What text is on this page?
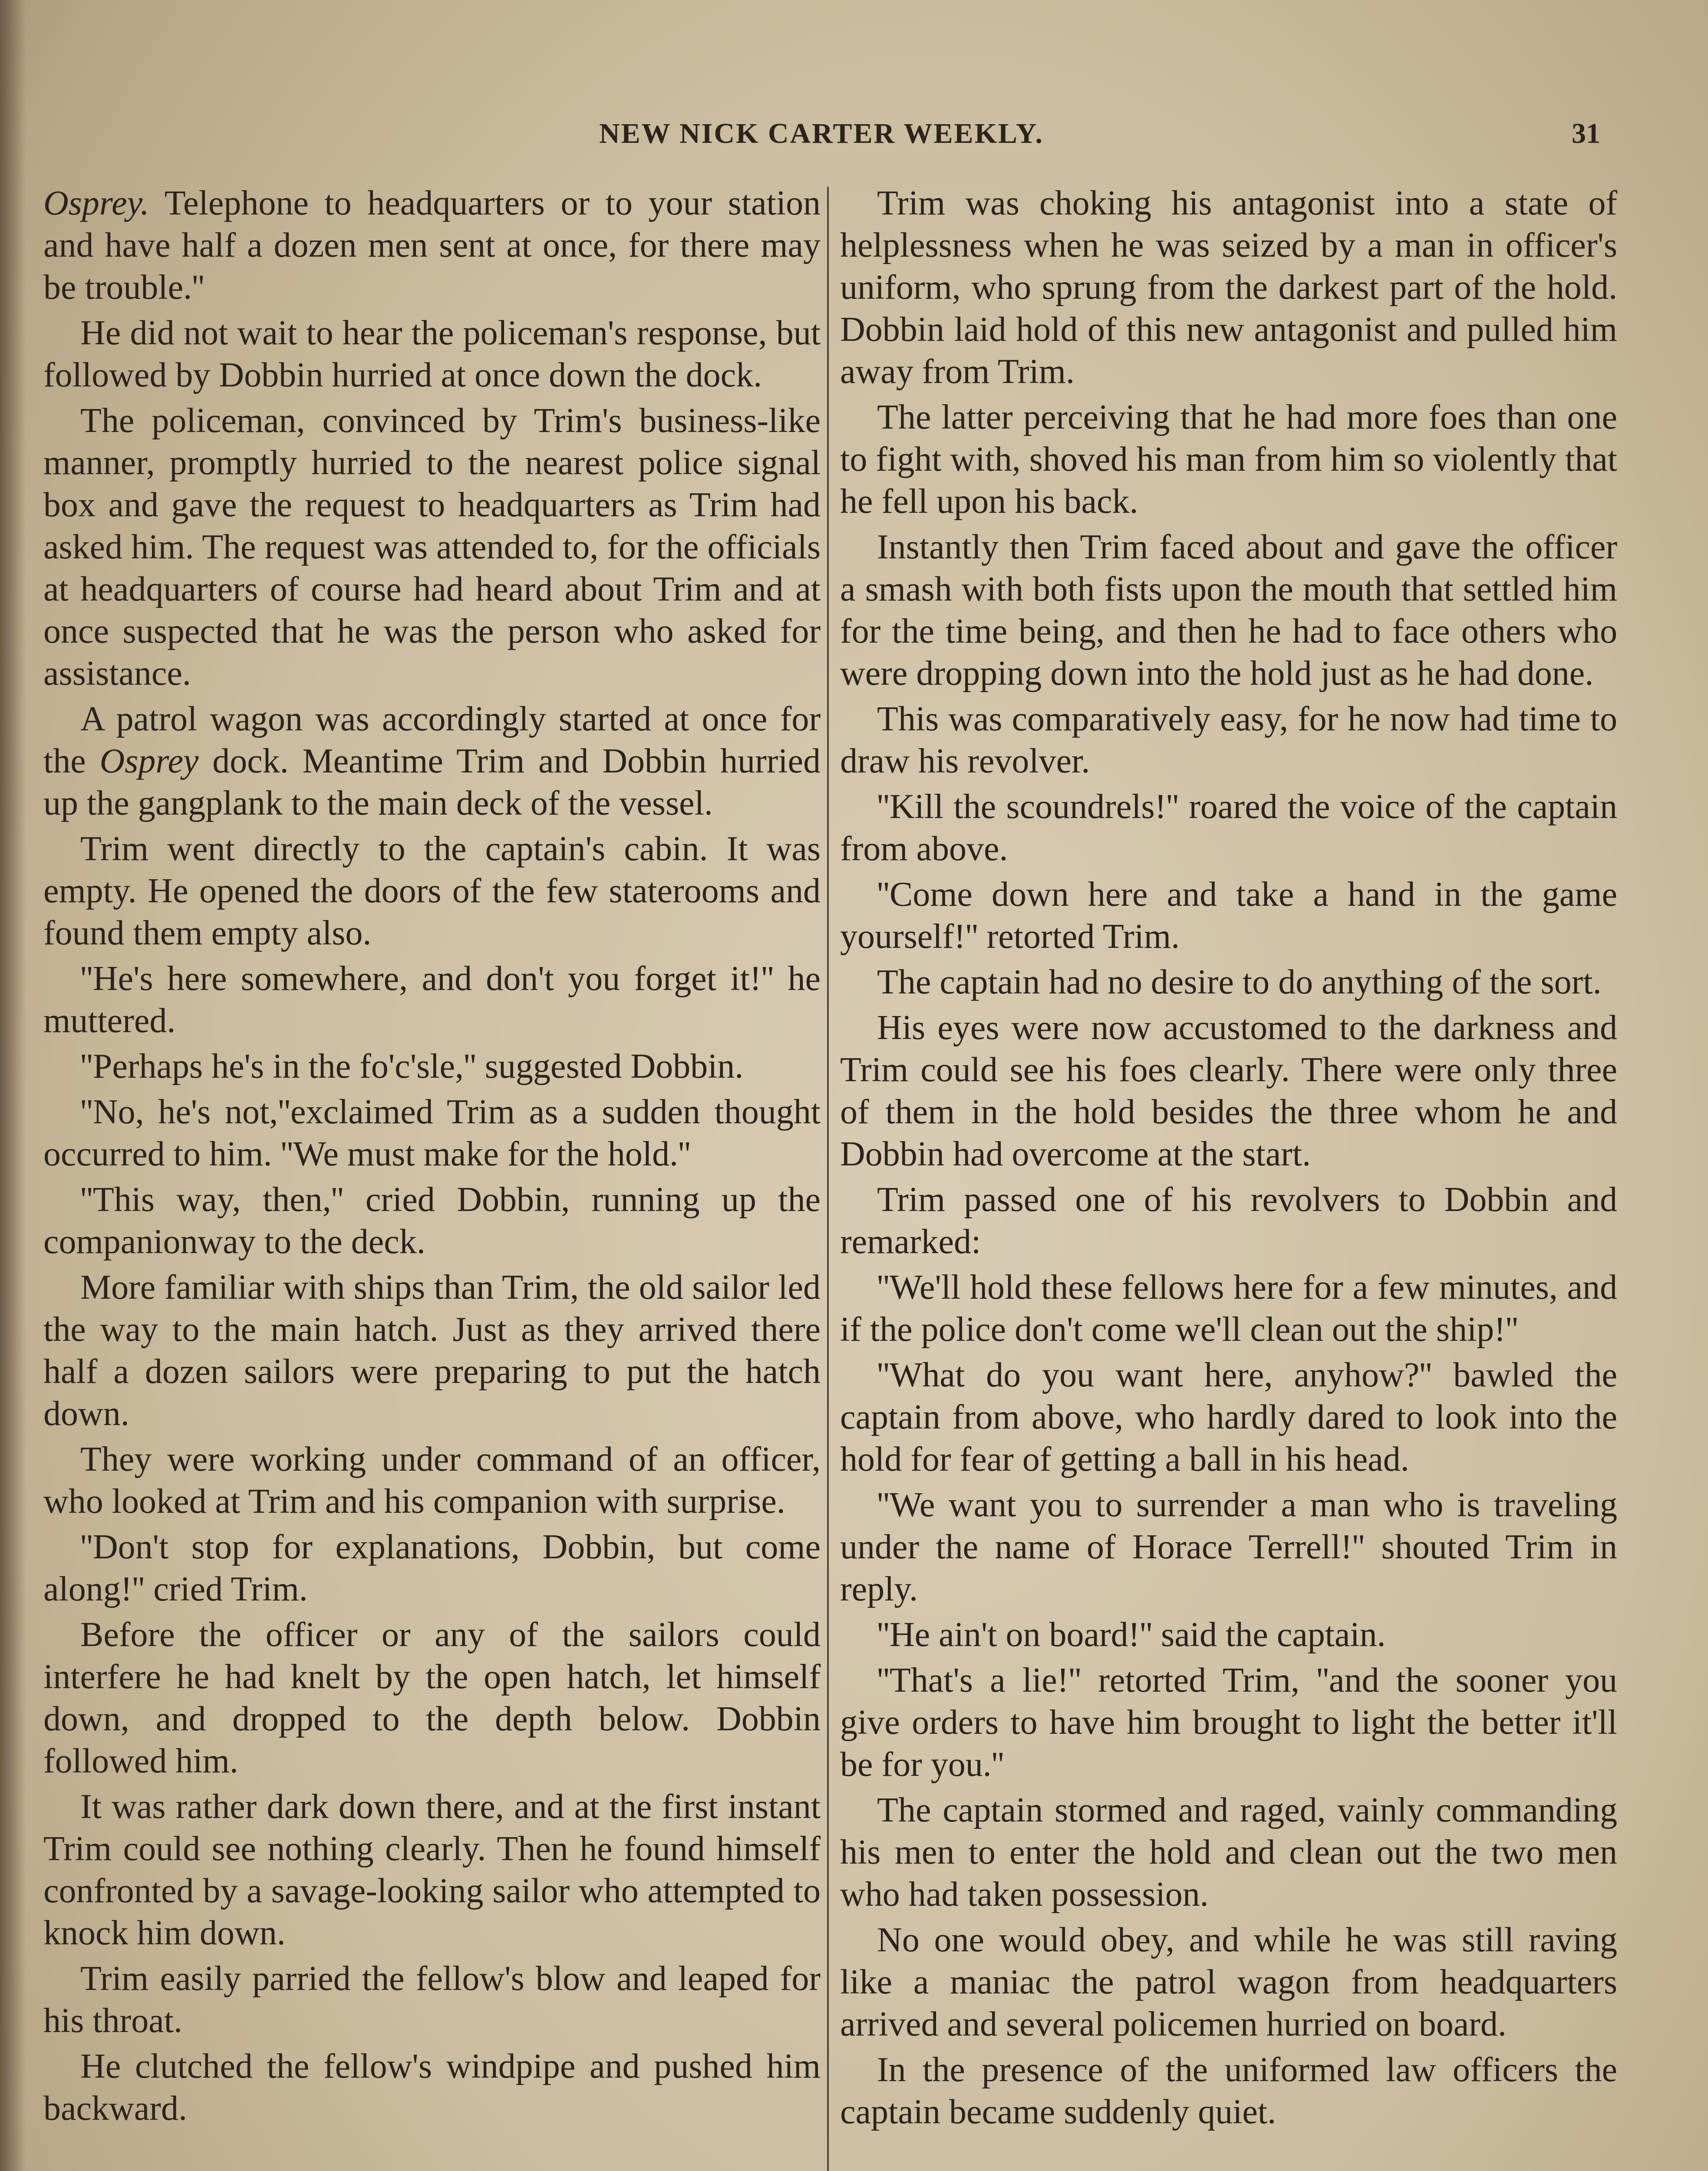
NEW NICK CARTER WEEKLY.	31

Osprey. Telephone to headquarters or to your station and have half a dozen men sent at once, for there may be trouble.''

He did not wait to hear the policeman's response, but followed by Dobbin hurried at once down the dock.

The policeman, convinced by Trim's business-like manner, promptly hurried to the nearest police signal box and gave the request to headquarters as Trim had asked him. The request was attended to, for the officials at headquarters of course had heard about Trim and at once suspected that he was the person who asked for assistance.

A patrol wagon was accordingly started at once for the Osprey dock. Meantime Trim and Dobbin hurried up the gangplank to the main deck of the vessel.

Trim went directly to the captain's cabin. It was empty. He opened the doors of the few staterooms and found them empty also.

''He's here somewhere, and don't you forget it!'' he muttered.

''Perhaps he's in the fo'c'sle,'' suggested Dobbin.

''No, he's not,''exclaimed Trim as a sudden thought occurred to him. ''We must make for the hold.''

''This way, then,'' cried Dobbin, running up the companionway to the deck.

More familiar with ships than Trim, the old sailor led the way to the main hatch. Just as they arrived there half a dozen sailors were preparing to put the hatch down.

They were working under command of an officer, who looked at Trim and his companion with surprise.

''Don't stop for explanations, Dobbin, but come along!'' cried Trim.

Before the officer or any of the sailors could interfere he had knelt by the open hatch, let himself down, and dropped to the depth below. Dobbin followed him.

It was rather dark down there, and at the first instant Trim could see nothing clearly. Then he found himself confronted by a savage-looking sailor who attempted to knock him down.

Trim easily parried the fellow's blow and leaped for his throat.

He clutched the fellow's windpipe and pushed him backward.

Trim was choking his antagonist into a state of helplessness when he was seized by a man in officer's uniform, who sprung from the darkest part of the hold. Dobbin laid hold of this new antagonist and pulled him away from Trim.

The latter perceiving that he had more foes than one to fight with, shoved his man from him so violently that he fell upon his back.

Instantly then Trim faced about and gave the officer a smash with both fists upon the mouth that settled him for the time being, and then he had to face others who were dropping down into the hold just as he had done.

This was comparatively easy, for he now had time to draw his revolver.

''Kill the scoundrels!'' roared the voice of the captain from above.

''Come down here and take a hand in the game yourself!'' retorted Trim.

The captain had no desire to do anything of the sort.

His eyes were now accustomed to the darkness and Trim could see his foes clearly. There were only three of them in the hold besides the three whom he and Dobbin had overcome at the start.

Trim passed one of his revolvers to Dobbin and remarked:

''We'll hold these fellows here for a few minutes, and if the police don't come we'll clean out the ship!''

''What do you want here, anyhow?'' bawled the captain from above, who hardly dared to look into the hold for fear of getting a ball in his head.

''We want you to surrender a man who is traveling under the name of Horace Terrell!'' shouted Trim in reply.

''He ain't on board!'' said the captain.

''That's a lie!'' retorted Trim, ''and the sooner you give orders to have him brought to light the better it'll be for you.''

The captain stormed and raged, vainly commanding his men to enter the hold and clean out the two men who had taken possession.

No one would obey, and while he was still raving like a maniac the patrol wagon from headquarters arrived and several policemen hurried on board.

In the presence of the uniformed law officers the captain became suddenly quiet.
